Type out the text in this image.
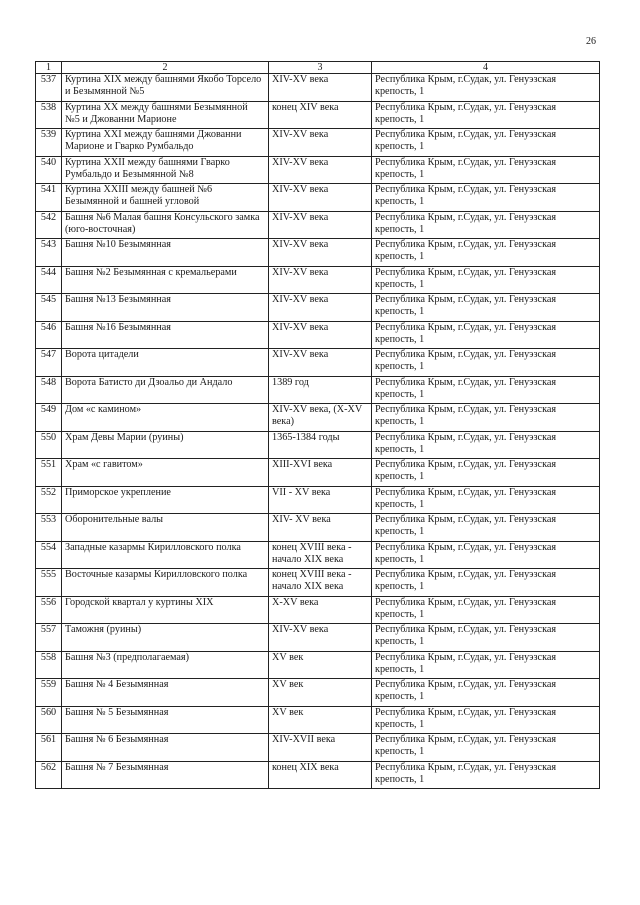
26
1	2	3	4
537	Куртина XIX между башнями Якобо Торсело и Безымянной №5	XIV-XV века	Республика Крым, г.Судак, ул. Генуэзская крепость, 1
538	Куртина XX между башнями Безымянной №5 и Джованни Марионе	конец XIV века	Республика Крым, г.Судак, ул. Генуэзская крепость, 1
539	Куртина XXI между башнями Джованни Марионе и Гварко Румбальдо	XIV-XV века	Республика Крым, г.Судак, ул. Генуэзская крепость, 1
540	Куртина XXII между башнями Гварко Румбальдо и Безымянной №8	XIV-XV века	Республика Крым, г.Судак, ул. Генуэзская крепость, 1
541	Куртина XXIII между башней №6 Безымянной и башней угловой	XIV-XV века	Республика Крым, г.Судак, ул. Генуэзская крепость, 1
542	Башня №6 Малая башня Консульского замка (юго-восточная)	XIV-XV века	Республика Крым, г.Судак, ул. Генуэзская крепость, 1
543	Башня №10 Безымянная	XIV-XV века	Республика Крым, г.Судак, ул. Генуэзская крепость, 1
544	Башня №2 Безымянная с кремальерами	XIV-XV века	Республика Крым, г.Судак, ул. Генуэзская крепость, 1
545	Башня №13 Безымянная	XIV-XV века	Республика Крым, г.Судак, ул. Генуэзская крепость, 1
546	Башня №16 Безымянная	XIV-XV века	Республика Крым, г.Судак, ул. Генуэзская крепость, 1
547	Ворота цитадели	XIV-XV века	Республика Крым, г.Судак, ул. Генуэзская крепость, 1
548	Ворота Батисто ди Дзоальо ди Андало	1389 год	Республика Крым, г.Судак, ул. Генуэзская крепость, 1
549	Дом «с камином»	XIV-XV века, (X-XV века)	Республика Крым, г.Судак, ул. Генуэзская крепость, 1
550	Храм Девы Марии (руины)	1365-1384 годы	Республика Крым, г.Судак, ул. Генуэзская крепость, 1
551	Храм «с гавитом»	XIII-XVI века	Республика Крым, г.Судак, ул. Генуэзская крепость, 1
552	Приморское укрепление	VII - XV века	Республика Крым, г.Судак, ул. Генуэзская крепость, 1
553	Оборонительные валы	XIV- XV века	Республика Крым, г.Судак, ул. Генуэзская крепость, 1
554	Западные казармы Кирилловского полка	конец XVIII века - начало XIX века	Республика Крым, г.Судак, ул. Генуэзская крепость, 1
555	Восточные казармы Кирилловского полка	конец XVIII века - начало XIX века	Республика Крым, г.Судак, ул. Генуэзская крепость, 1
556	Городской квартал у куртины XIX	X-XV века	Республика Крым, г.Судак, ул. Генуэзская крепость, 1
557	Таможня (руины)	XIV-XV века	Республика Крым, г.Судак, ул. Генуэзская крепость, 1
558	Башня №3 (предполагаемая)	XV век	Республика Крым, г.Судак, ул. Генуэзская крепость, 1
559	Башня № 4 Безымянная	XV век	Республика Крым, г.Судак, ул. Генуэзская крепость, 1
560	Башня № 5 Безымянная	XV век	Республика Крым, г.Судак, ул. Генуэзская крепость, 1
561	Башня № 6 Безымянная	XIV-XVII века	Республика Крым, г.Судак, ул. Генуэзская крепость, 1
562	Башня № 7 Безымянная	конец XIX века	Республика Крым, г.Судак, ул. Генуэзская крепость, 1
